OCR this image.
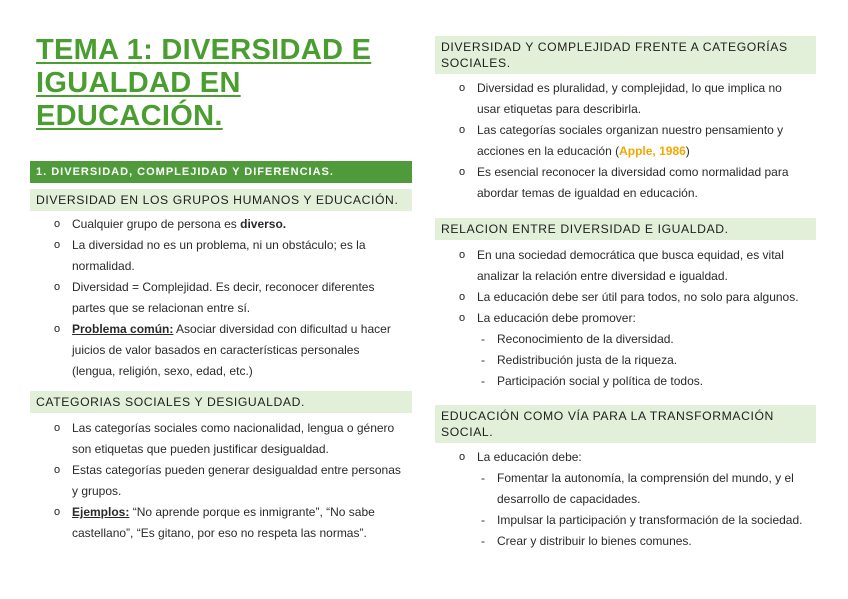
TEMA 1: DIVERSIDAD E
IGUALDAD EN EDUCACIÓN.
1. DIVERSIDAD, COMPLEJIDAD Y DIFERENCIAS.
DIVERSIDAD EN LOS GRUPOS HUMANOS Y EDUCACIÓN.
o Cualquier grupo de persona es diverso.
o La diversidad no es un problema, ni un obstáculo; es la
normalidad.
o Diversidad = Complejidad. Es decir, reconocer diferentes
partes que se relacionan entre sí.
o Problema común: Asociar diversidad con dificultad u hacer
juicios de valor basados en características personales
(lengua, religión, sexo, edad, etc.)
CATEGORIAS SOCIALES Y DESIGUALDAD.
o Las categorías sociales como nacionalidad, lengua o género
son etiquetas que pueden justificar desigualdad.
o Estas categorías pueden generar desigualdad entre personas
y grupos.
o Ejemplos: “No aprende porque es inmigrante”, “No sabe
castellano”, “Es gitano, por eso no respeta las normas”.
DIVERSIDAD Y COMPLEJIDAD FRENTE A CATEGORÍAS
SOCIALES.
o Diversidad es pluralidad, y complejidad, lo que implica no
usar etiquetas para describirla.
o Las categorías sociales organizan nuestro pensamiento y
acciones en la educación (Apple, 1986)
o Es esencial reconocer la diversidad como normalidad para
abordar temas de igualdad en educación.
RELACION ENTRE DIVERSIDAD E IGUALDAD.
o En una sociedad democrática que busca equidad, es vital
analizar la relación entre diversidad e igualdad.
o La educación debe ser útil para todos, no solo para algunos.
o La educación debe promover:
- Reconocimiento de la diversidad.
- Redistribución justa de la riqueza.
- Participación social y política de todos.
EDUCACIÓN COMO VÍA PARA LA TRANSFORMACIÓN
SOCIAL.
o La educación debe:
- Fomentar la autonomía, la comprensión del mundo, y el
desarrollo de capacidades.
- Impulsar la participación y transformación de la sociedad.
- Crear y distribuir lo bienes comunes.
